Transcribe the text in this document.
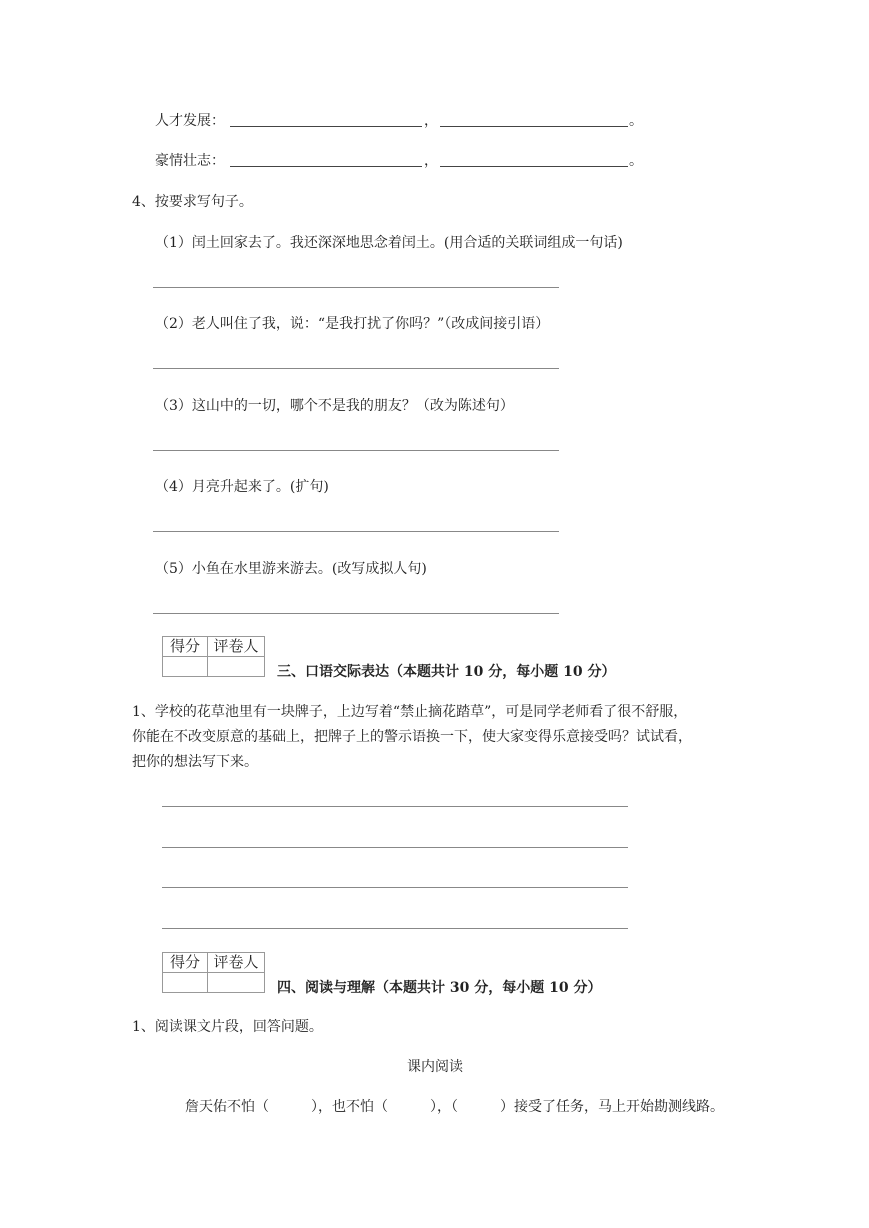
人才发展：	，	。
豪情壮志：	，	。
4、按要求写句子。
（1）闰土回家去了。我还深深地思念着闰土。(用合适的关联词组成一句话)
（2）老人叫住了我，说：“是我打扰了你吗？”（改成间接引语）
（3）这山中的一切，哪个不是我的朋友？（改为陈述句）
（4）月亮升起来了。(扩句)
（5）小鱼在水里游来游去。(改写成拟人句)
得分	评卷人

三、口语交际表达（本题共计 10 分，每小题 10 分）
1、学校的花草池里有一块牌子，上边写着“禁止摘花踏草”，可是同学老师看了很不舒服，
你能在不改变原意的基础上，把牌子上的警示语换一下，使大家变得乐意接受吗？试试看，
把你的想法写下来。
得分	评卷人

四、阅读与理解（本题共计 30 分，每小题 10 分）
1、阅读课文片段，回答问题。
课内阅读
詹天佑不怕（　　　），也不怕（　　　），（　　　）接受了任务，马上开始勘测线路。
